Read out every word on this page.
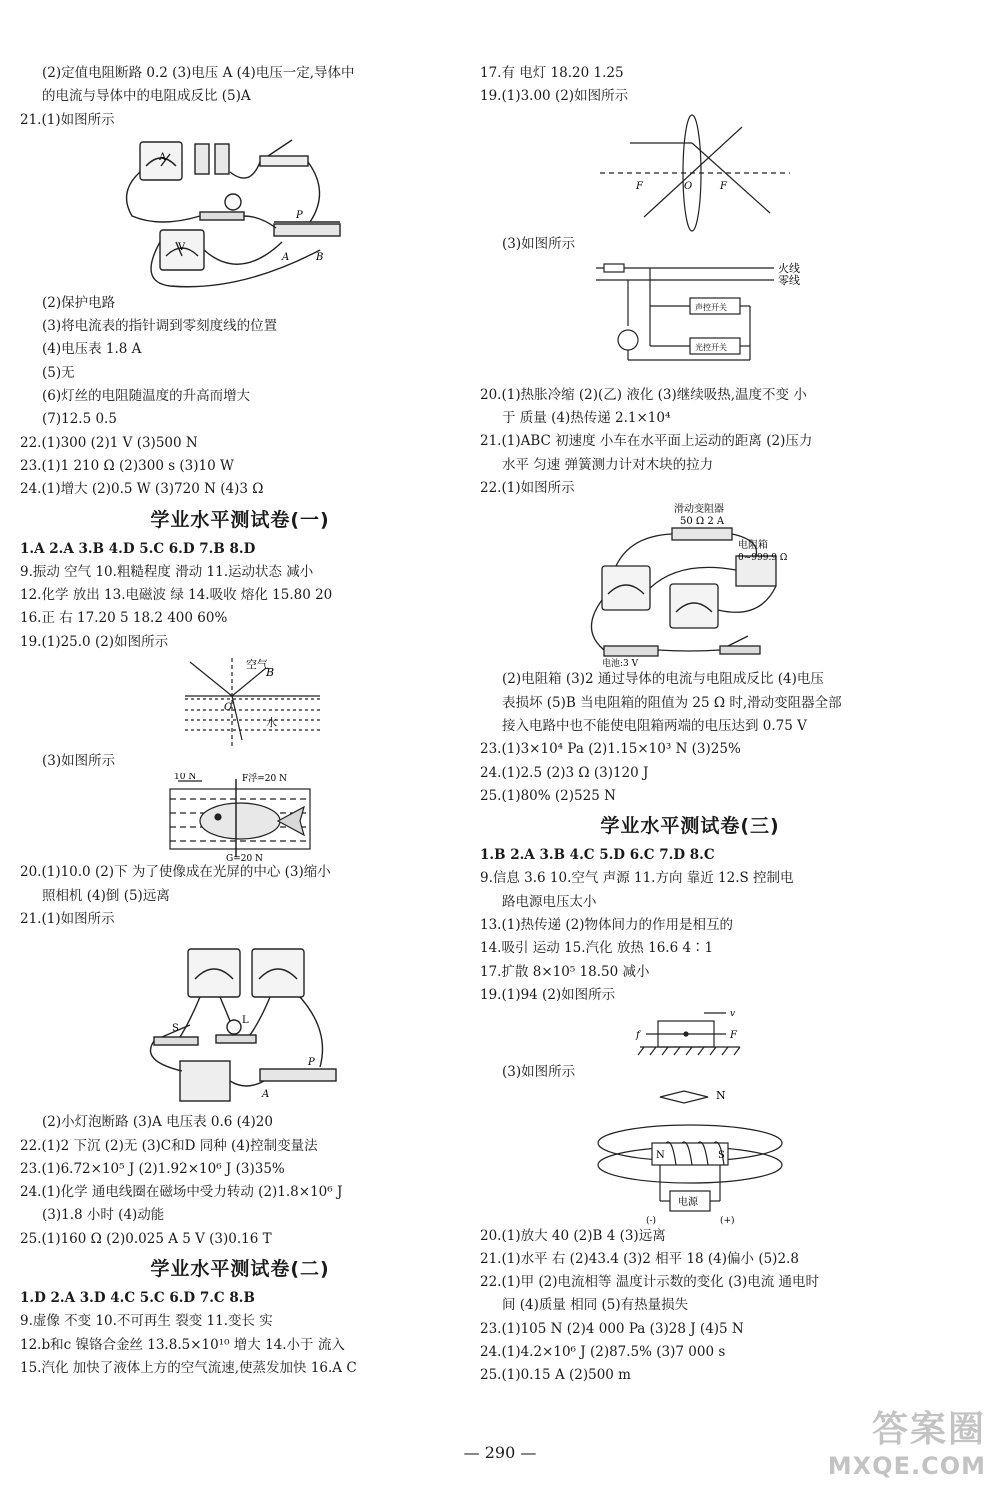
(2)定值电阻断路 0.2 (3)电压 A (4)电压一定,导体中
的电流与导体中的电阻成反比 (5)A
21.(1)如图所示
A
V
P
A	B
(2)保护电路
(3)将电流表的指针调到零刻度线的位置
(4)电压表 1.8 A
(5)无
(6)灯丝的电阻随温度的升高而增大
(7)12.5 0.5
22.(1)300 (2)1 V (3)500 N
23.(1)1 210 Ω (2)300 s (3)10 W
24.(1)增大 (2)0.5 W (3)720 N (4)3 Ω
学业水平测试卷(一)
1.A 2.A 3.B 4.D 5.C 6.D 7.B 8.D
9.振动 空气 10.粗糙程度 滑动 11.运动状态 减小
12.化学 放出 13.电磁波 绿 14.吸收 熔化 15.80 20
16.正 右 17.20 5 18.2 400 60%
19.(1)25.0 (2)如图所示
空气
B
O
水
(3)如图所示
10 N	F浮=20 N
G=20 N
20.(1)10.0 (2)下 为了使像成在光屏的中心 (3)缩小
照相机 (4)倒 (5)远离
21.(1)如图所示
S
L
P
A
(2)小灯泡断路 (3)A 电压表 0.6 (4)20
22.(1)2 下沉 (2)无 (3)C和D 同种 (4)控制变量法
23.(1)6.72×10⁵ J (2)1.92×10⁶ J (3)35%
24.(1)化学 通电线圈在磁场中受力转动 (2)1.8×10⁶ J
(3)1.8 小时 (4)动能
25.(1)160 Ω (2)0.025 A 5 V (3)0.16 T
学业水平测试卷(二)
1.D 2.A 3.D 4.C 5.C 6.D 7.C 8.B
9.虚像 不变 10.不可再生 裂变 11.变长 实
12.b和c 镍铬合金丝 13.8.5×10¹⁰ 增大 14.小于 流入
15.汽化 加快了液体上方的空气流速,使蒸发加快 16.A C
17.有 电灯 18.20 1.25
19.(1)3.00 (2)如图所示
F	O	F
(3)如图所示
火线
零线
声控开关
光控开关
20.(1)热胀冷缩 (2)(乙) 液化 (3)继续吸热,温度不变 小
于 质量 (4)热传递 2.1×10⁴
21.(1)ABC 初速度 小车在水平面上运动的距离 (2)压力
水平 匀速 弹簧测力计对木块的拉力
22.(1)如图所示
滑动变阻器
50 Ω 2 A
电阻箱
0~999.9 Ω
电池:3 V
(2)电阻箱 (3)2 通过导体的电流与电阻成反比 (4)电压
表损坏 (5)B 当电阻箱的阻值为 25 Ω 时,滑动变阻器全部
接入电路中也不能使电阻箱两端的电压达到 0.75 V
23.(1)3×10⁴ Pa (2)1.15×10³ N (3)25%
24.(1)2.5 (2)3 Ω (3)120 J
25.(1)80% (2)525 N
学业水平测试卷(三)
1.B 2.A 3.B 4.C 5.D 6.C 7.D 8.C
9.信息 3.6 10.空气 声源 11.方向 靠近 12.S 控制电
路电源电压太小
13.(1)热传递 (2)物体间力的作用是相互的
14.吸引 运动 15.汽化 放热 16.6 4∶1
17.扩散 8×10⁵ 18.50 减小
19.(1)94 (2)如图所示
f	F
v
(3)如图所示
N
N	S
电源
(-)	(+)
20.(1)放大 40 (2)B 4 (3)远离
21.(1)水平 右 (2)43.4 (3)2 相平 18 (4)偏小 (5)2.8
22.(1)甲 (2)电流相等 温度计示数的变化 (3)电流 通电时
间 (4)质量 相同 (5)有热量损失
23.(1)105 N (2)4 000 Pa (3)28 J (4)5 N
24.(1)4.2×10⁶ J (2)87.5% (3)7 000 s
25.(1)0.15 A (2)500 m
— 290 —
答案圈
MXQE.COM
